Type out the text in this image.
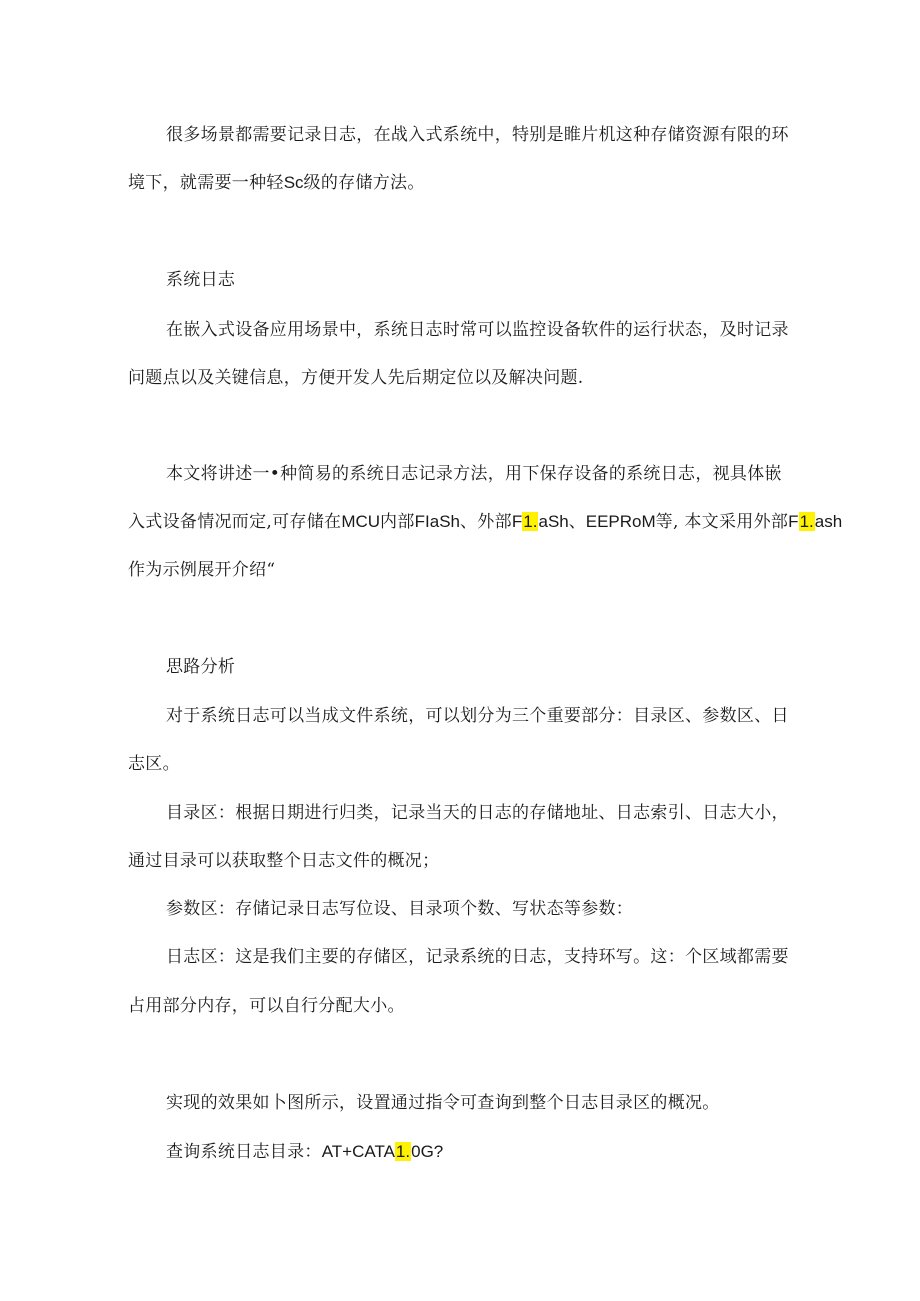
很多场景都需要记录日志，在战入式系统中，特别是睢片机这种存储资源有限的环
境下，就需要一种轻Sc级的存储方法。
系统日志
在嵌入式设备应用场景中，系统日志时常可以监控设备软件的运行状态，及时记录
问题点以及关键信息，方便开发人先后期定位以及解决问题.
本文将讲述一•种简易的系统日志记录方法，用下保存设备的系统日志，视具体嵌
入式设备情况而定,可存储在MCU内部FIaSh、外部F1.aSh、EEPRoM等, 本文采用外部F1.ash
作为示例展开介绍“
思路分析
对于系统日志可以当成文件系统，可以划分为三个重要部分：目录区、参数区、日
志区。
目录区：根据日期进行归类，记录当天的日志的存储地址、日志索引、日志大小，
通过目录可以获取整个日志文件的概况；
参数区：存储记录日志写位设、目录项个数、写状态等参数：
日志区：这是我们主要的存储区，记录系统的日志，支持环写。这：个区域都需要
占用部分内存，可以自行分配大小。
实现的效果如卜图所示，设置通过指令可查询到整个日志目录区的概况。
查询系统日志目录：AT+CATA1.0G?
